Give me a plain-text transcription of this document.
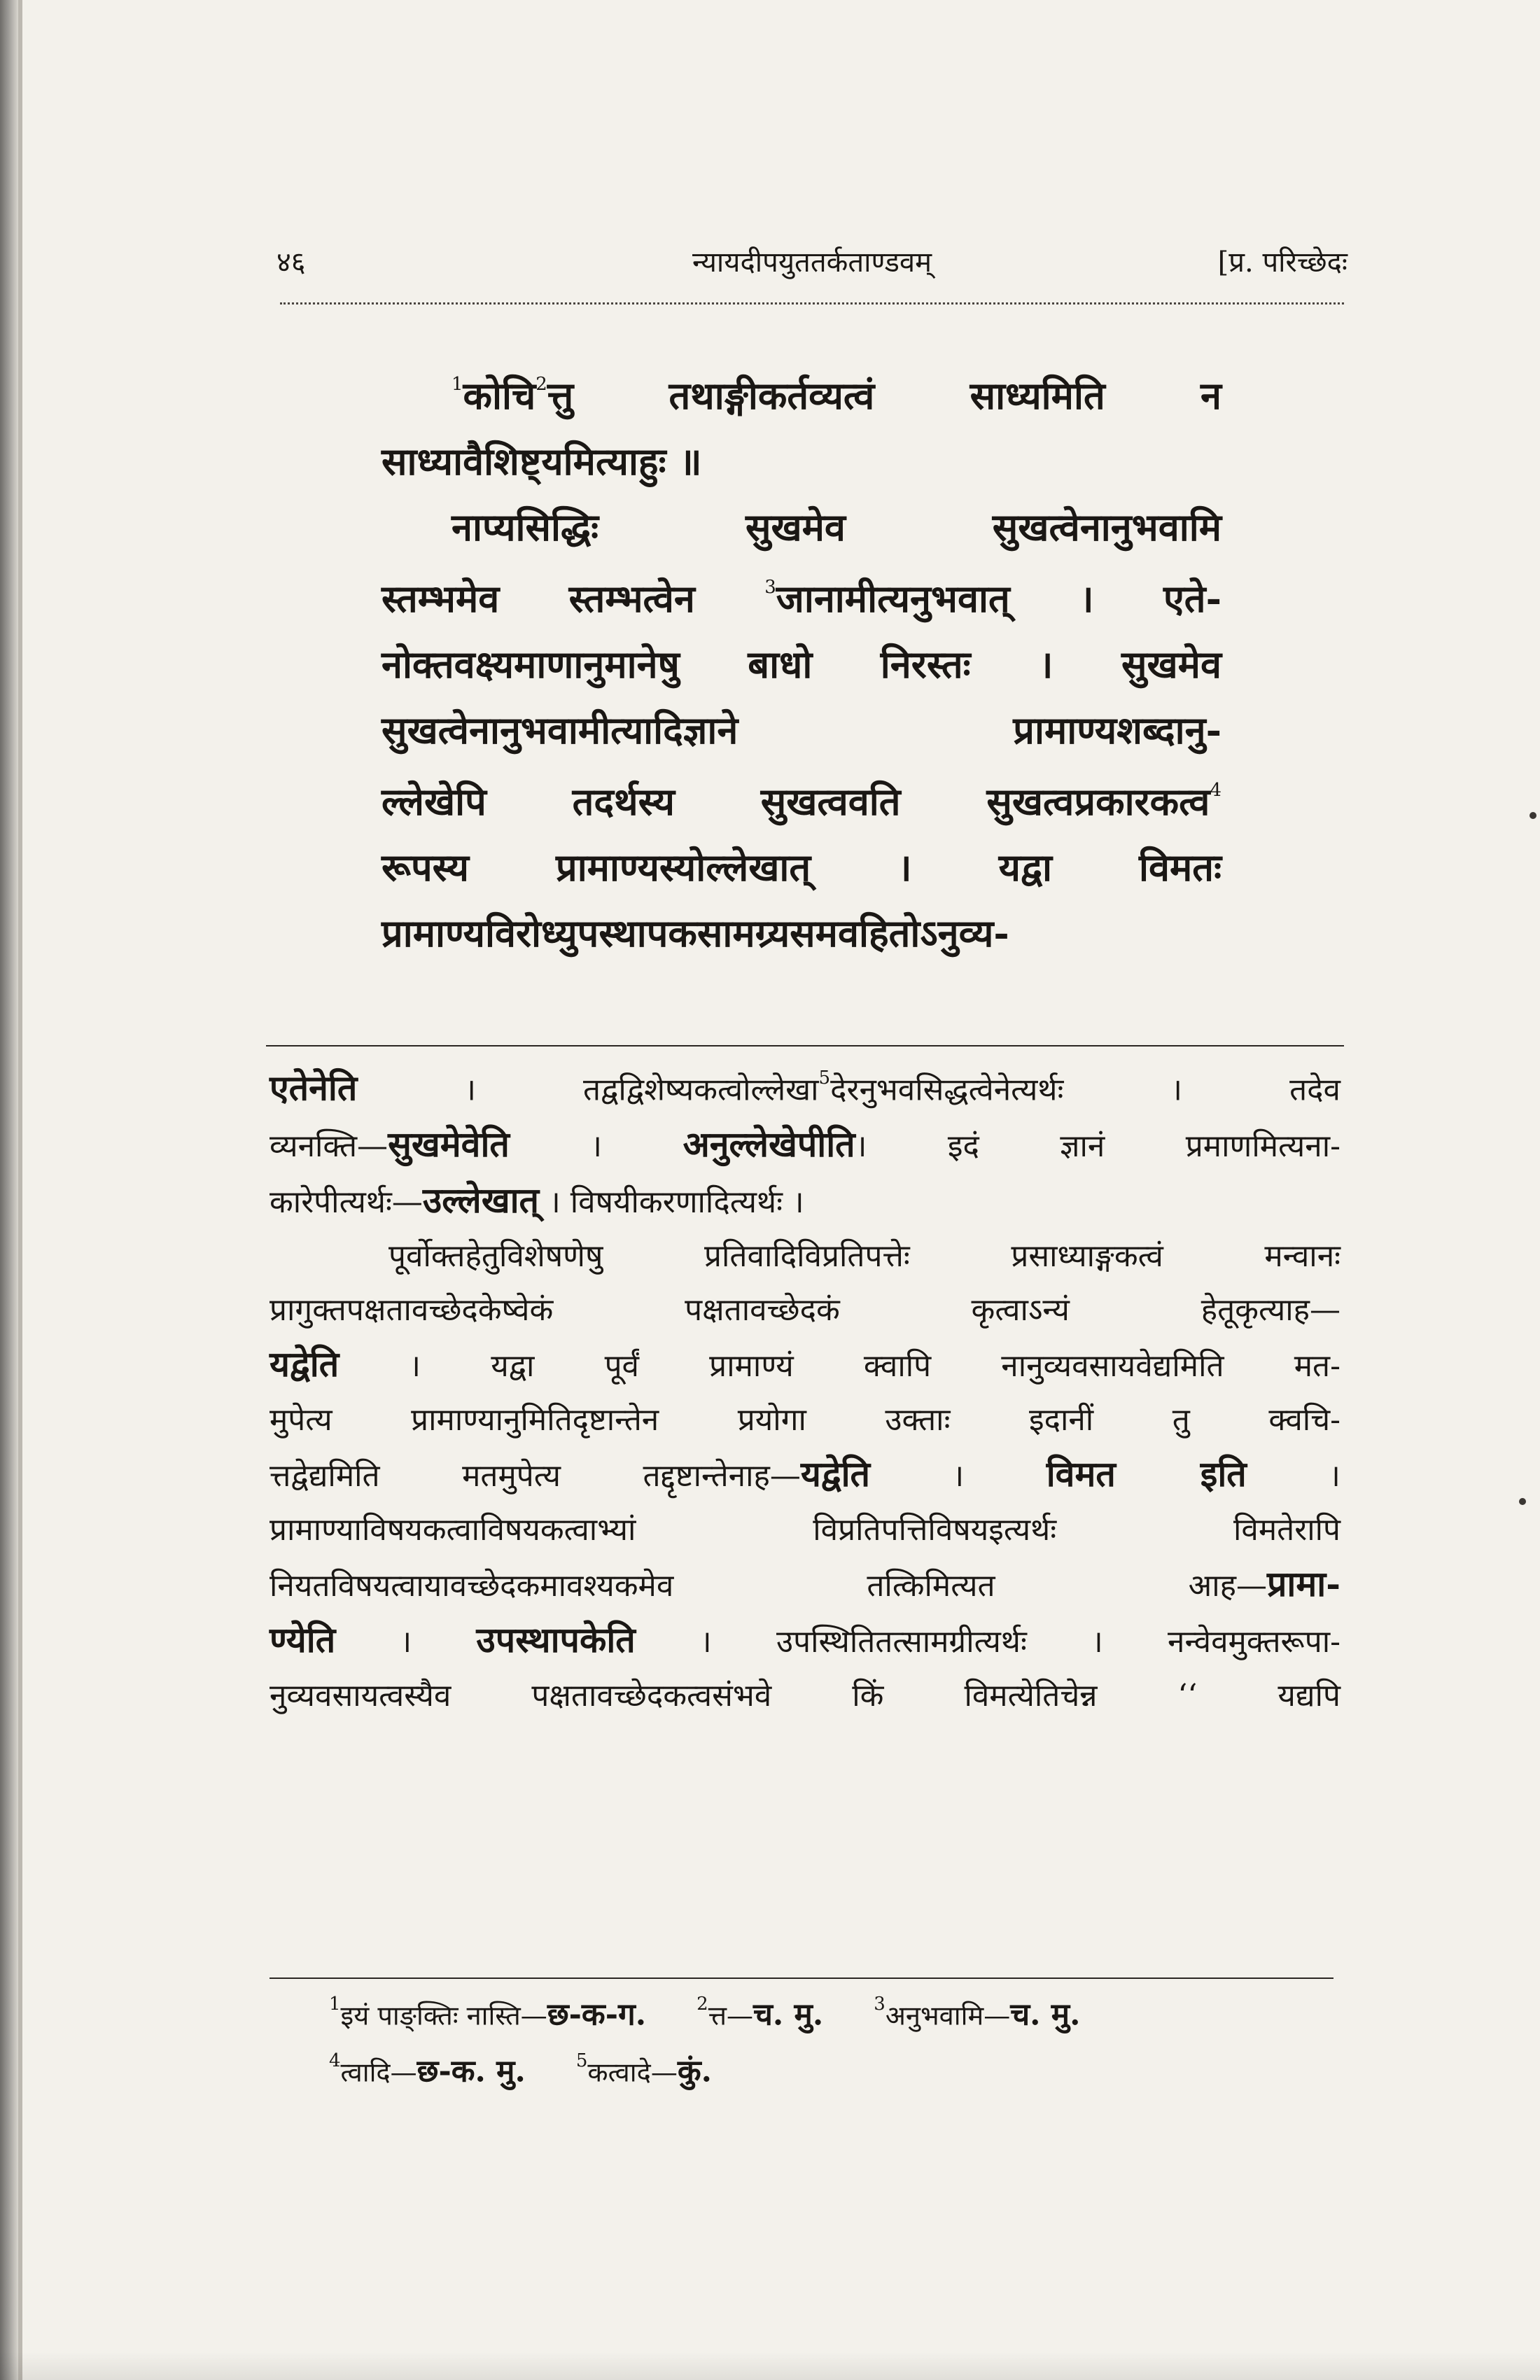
४६	न्यायदीपयुततर्कताण्डवम्	[प्र. परिच्छेदः

$^1$कोचि$^2$त्तु तथाङ्गीकर्तव्यत्वं साध्यमिति न

साध्यावैशिष्ट्यमित्याहुः ॥

नाप्यसिद्धिः सुखमेव सुखत्वेनानुभवामि

स्तम्भमेव स्तम्भत्वेन	$^3$जानामीत्यनुभवात् । एते-

नोक्तवक्ष्यमाणानुमानेषु बाधो निरस्तः । सुखमेव

सुखत्वेनानुभवामीत्यादिज्ञाने प्रामाण्यशब्दानु-

ल्लेखेपि तदर्थस्य सुखत्ववति सुखत्वप्रकारकत्व$^4$

रूपस्य प्रामाण्यस्योल्लेखात् । यद्वा विमतः

प्रामाण्यविरोध्युपस्थापकसामग्र्यसमवहितोऽनुव्य-

एतेनेति	। तद्वद्विशेष्यकत्वोल्लेखा$^5$देरनुभवसिद्धत्वेनेत्यर्थः । तदेव

व्यनक्ति—सुखमेवेति	। अनुल्लेखेपीति। इदं ज्ञानं प्रमाणमित्यना-

कारेपीत्यर्थः—उल्लेखात् । विषयीकरणादित्यर्थः ।

पूर्वोक्तहेतुविशेषणेषु प्रतिवादिविप्रतिपत्तेः प्रसाध्याङ्गकत्वं मन्वानः

प्रागुक्तपक्षतावच्छेदकेष्वेकं पक्षतावच्छेदकं कृत्वाऽन्यं हेतूकृत्याह—

यद्वेति । यद्वा पूर्वं प्रामाण्यं क्वापि नानुव्यवसायवेद्यमिति मत-

मुपेत्य प्रामाण्यानुमितिदृष्टान्तेन प्रयोगा उक्ताः इदानीं तु क्वचि-

त्तद्वेद्यमिति मतमुपेत्य तद्दृष्टान्तेनाह—यद्वेति	। विमत इति	।

प्रामाण्याविषयकत्वाविषयकत्वाभ्यां विप्रतिपत्तिविषयइत्यर्थः विमतेरापि

नियतविषयत्वायावच्छेदकमावश्यकमेव तत्किमित्यत आह—प्रामा-

ण्येति । उपस्थापकेति । उपस्थितितत्सामग्रीत्यर्थः । नन्वेवमुक्तरूपा-

नुव्यवसायत्वस्यैव पक्षतावच्छेदकत्वसंभवे किं विमत्येतिचेन्न ‘‘ यद्यपि

$^1$इयं पाङ्क्तिः नास्ति—छ-क-ग.	$^2$त्त—च. मु.	$^3$अनुभवामि—च. मु.
$^4$त्वादि—छ-क. मु.	$^5$कत्वादे—कुं.
